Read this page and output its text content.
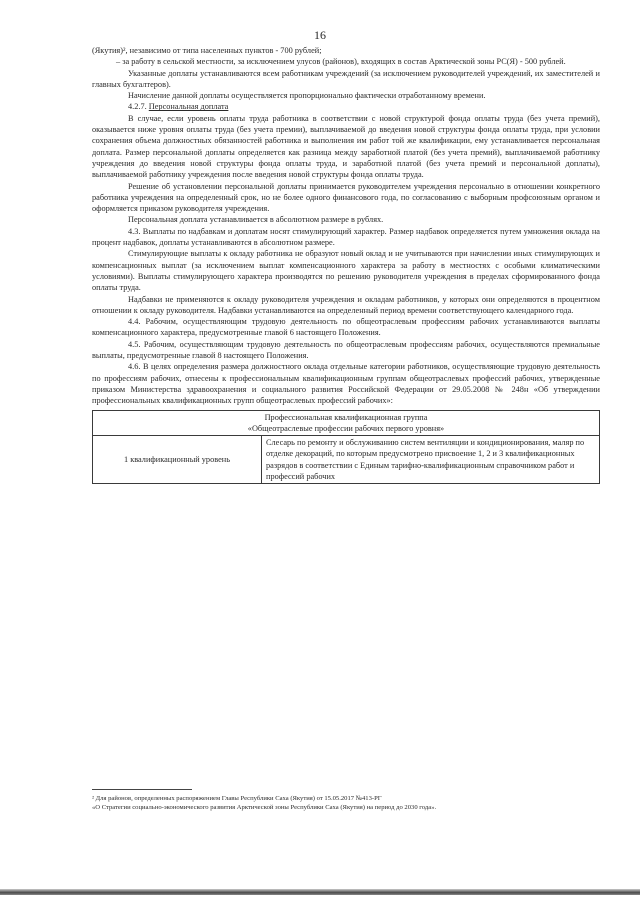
16

(Якутия)², независимо от типа населенных пунктов - 700 рублей;

– за работу в сельской местности, за исключением улусов (районов), входящих в состав Арктической зоны РС(Я) - 500 рублей.

Указанные доплаты устанавливаются всем работникам учреждений (за исключением руководителей учреждений, их заместителей и главных бухгалтеров).

Начисление данной доплаты осуществляется пропорционально фактически отработанному времени.

4.2.7. Персональная доплата

В случае, если уровень оплаты труда работника в соответствии с новой структурой фонда оплаты труда (без учета премий), оказывается ниже уровня оплаты труда (без учета премии), выплачиваемой до введения новой структуры фонда оплаты труда, при условии сохранения объема должностных обязанностей работника и выполнения им работ той же квалификации, ему устанавливается персональная доплата. Размер персональной доплаты определяется как разница между заработной платой (без учета премий), выплачиваемой работнику учреждения до введения новой структуры фонда оплаты труда, и заработной платой (без учета премий и персональной доплаты), выплачиваемой работнику учреждения после введения новой структуры фонда оплаты труда.

Решение об установлении персональной доплаты принимается руководителем учреждения персонально в отношении конкретного работника учреждения на определенный срок, но не более одного финансового года, по согласованию с выборным профсоюзным органом и оформляется приказом руководителя учреждения.

Персональная доплата устанавливается в абсолютном размере в рублях.

4.3. Выплаты по надбавкам и доплатам носят стимулирующий характер. Размер надбавок определяется путем умножения оклада на процент надбавок, доплаты устанавливаются в абсолютном размере.

Стимулирующие выплаты к окладу работника не образуют новый оклад и не учитываются при начислении иных стимулирующих и компенсационных выплат (за исключением выплат компенсационного характера за работу в местностях с особыми климатическими условиями). Выплаты стимулирующего характера производятся по решению руководителя учреждения в пределах сформированного фонда оплаты труда.

Надбавки не применяются к окладу руководителя учреждения и окладам работников, у которых они определяются в процентном отношении к окладу руководителя. Надбавки устанавливаются на определенный период времени соответствующего календарного года.

4.4. Рабочим, осуществляющим трудовую деятельность по общеотраслевым профессиям рабочих устанавливаются выплаты компенсационного характера, предусмотренные главой 6 настоящего Положения.

4.5. Рабочим, осуществляющим трудовую деятельность по общеотраслевым профессиям рабочих, осуществляются премиальные выплаты, предусмотренные главой 8 настоящего Положения.

4.6. В целях определения размера должностного оклада отдельные категории работников, осуществляющие трудовую деятельность по профессиям рабочих, отнесены к профессиональным квалификационным группам общеотраслевых профессий рабочих, утвержденные приказом Министерства здравоохранения и социального развития Российской Федерации от 29.05.2008 № 248н «Об утверждении профессиональных квалификационных групп общеотраслевых профессий рабочих»:

Профессиональная квалификационная группа
«Общеотраслевые профессии рабочих первого уровня»

1 квалификационный уровень	Слесарь по ремонту и обслуживанию систем вентиляции и кондиционирования, маляр по отделке декораций, по которым предусмотрено присвоение 1, 2 и 3 квалификационных разрядов в соответствии с Единым тарифно-квалификационным справочником работ и профессий рабочих

² Для районов, определенных распоряжением Главы Республики Саха (Якутия) от 15.05.2017 №413-РГ

«О Стратегии социально-экономического развития Арктической зоны Республики Саха (Якутия) на период до 2030 года».
